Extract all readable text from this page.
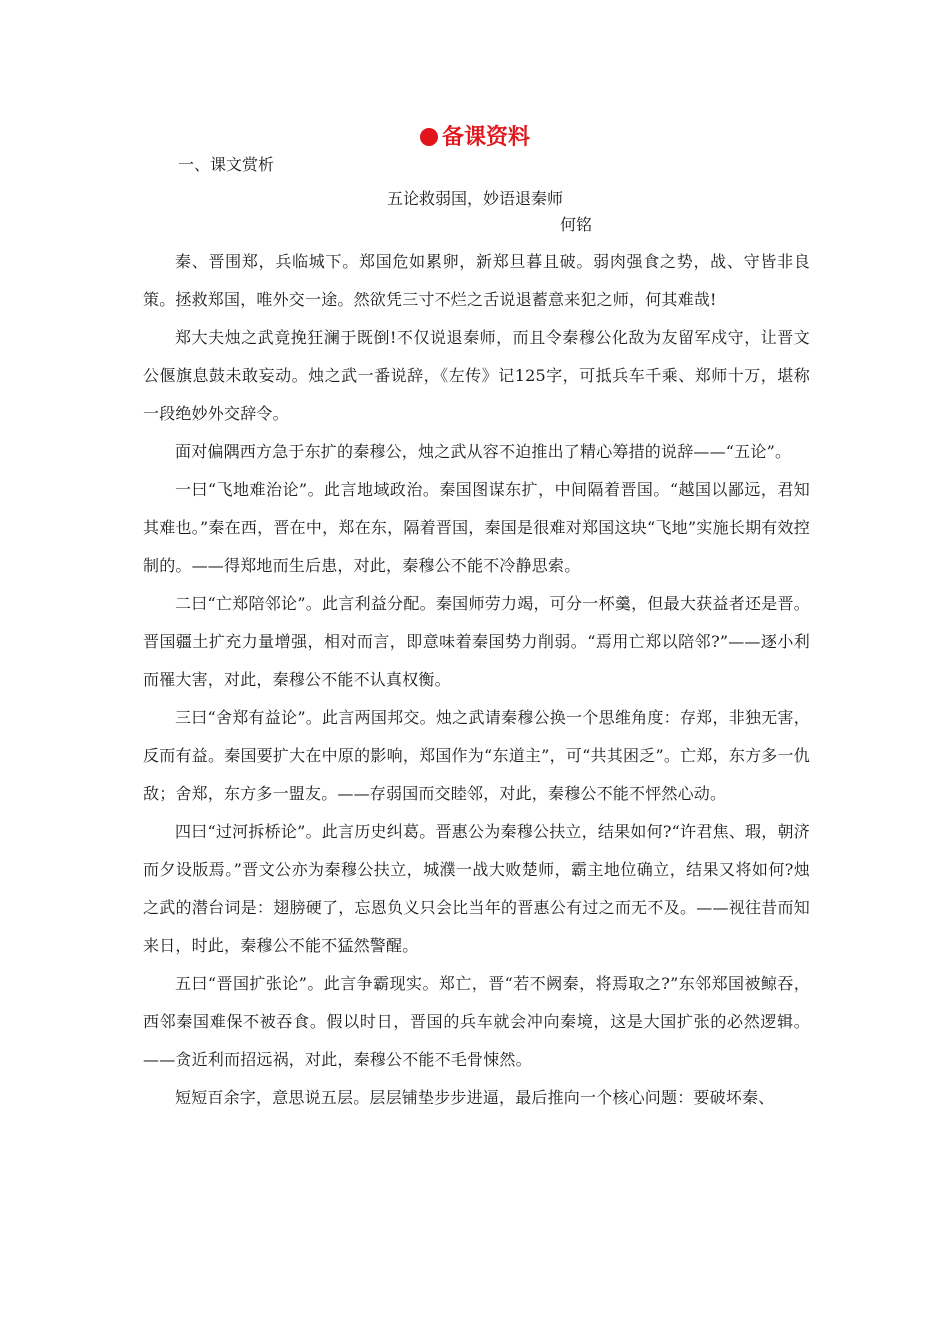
备课资料
一、课文赏析
五论救弱国，妙语退秦师
何铭

秦、晋围郑，兵临城下。郑国危如累卵，新郑旦暮且破。弱肉强食之势，战、守皆非良策。拯救郑国，唯外交一途。然欲凭三寸不烂之舌说退蓄意来犯之师，何其难哉!

郑大夫烛之武竟挽狂澜于既倒!不仅说退秦师，而且令秦穆公化敌为友留军戍守，让晋文公偃旗息鼓未敢妄动。烛之武一番说辞，《左传》记125字，可抵兵车千乘、郑师十万，堪称一段绝妙外交辞令。

面对偏隅西方急于东扩的秦穆公，烛之武从容不迫推出了精心筹措的说辞——“五论”。

一曰“飞地难治论”。此言地域政治。秦国图谋东扩，中间隔着晋国。“越国以鄙远，君知其难也。”秦在西，晋在中，郑在东，隔着晋国，秦国是很难对郑国这块“飞地”实施长期有效控制的。——得郑地而生后患，对此，秦穆公不能不冷静思索。

二曰“亡郑陪邻论”。此言利益分配。秦国师劳力竭，可分一杯羹，但最大获益者还是晋。晋国疆土扩充力量增强，相对而言，即意味着秦国势力削弱。“焉用亡郑以陪邻?”——逐小利而罹大害，对此，秦穆公不能不认真权衡。

三曰“舍郑有益论”。此言两国邦交。烛之武请秦穆公换一个思维角度：存郑，非独无害，反而有益。秦国要扩大在中原的影响，郑国作为“东道主”，可“共其困乏”。亡郑，东方多一仇敌；舍郑，东方多一盟友。——存弱国而交睦邻，对此，秦穆公不能不怦然心动。

四曰“过河拆桥论”。此言历史纠葛。晋惠公为秦穆公扶立，结果如何?“许君焦、瑕，朝济而夕设版焉。”晋文公亦为秦穆公扶立，城濮一战大败楚师，霸主地位确立，结果又将如何?烛之武的潜台词是：翅膀硬了，忘恩负义只会比当年的晋惠公有过之而无不及。——视往昔而知来日，时此，秦穆公不能不猛然警醒。

五曰“晋国扩张论”。此言争霸现实。郑亡，晋“若不阙秦，将焉取之?”东邻郑国被鲸吞，西邻秦国难保不被吞食。假以时日，晋国的兵车就会冲向秦境，这是大国扩张的必然逻辑。——贪近利而招远祸，对此，秦穆公不能不毛骨悚然。

短短百余字，意思说五层。层层铺垫步步进逼，最后推向一个核心问题：要破坏秦、
